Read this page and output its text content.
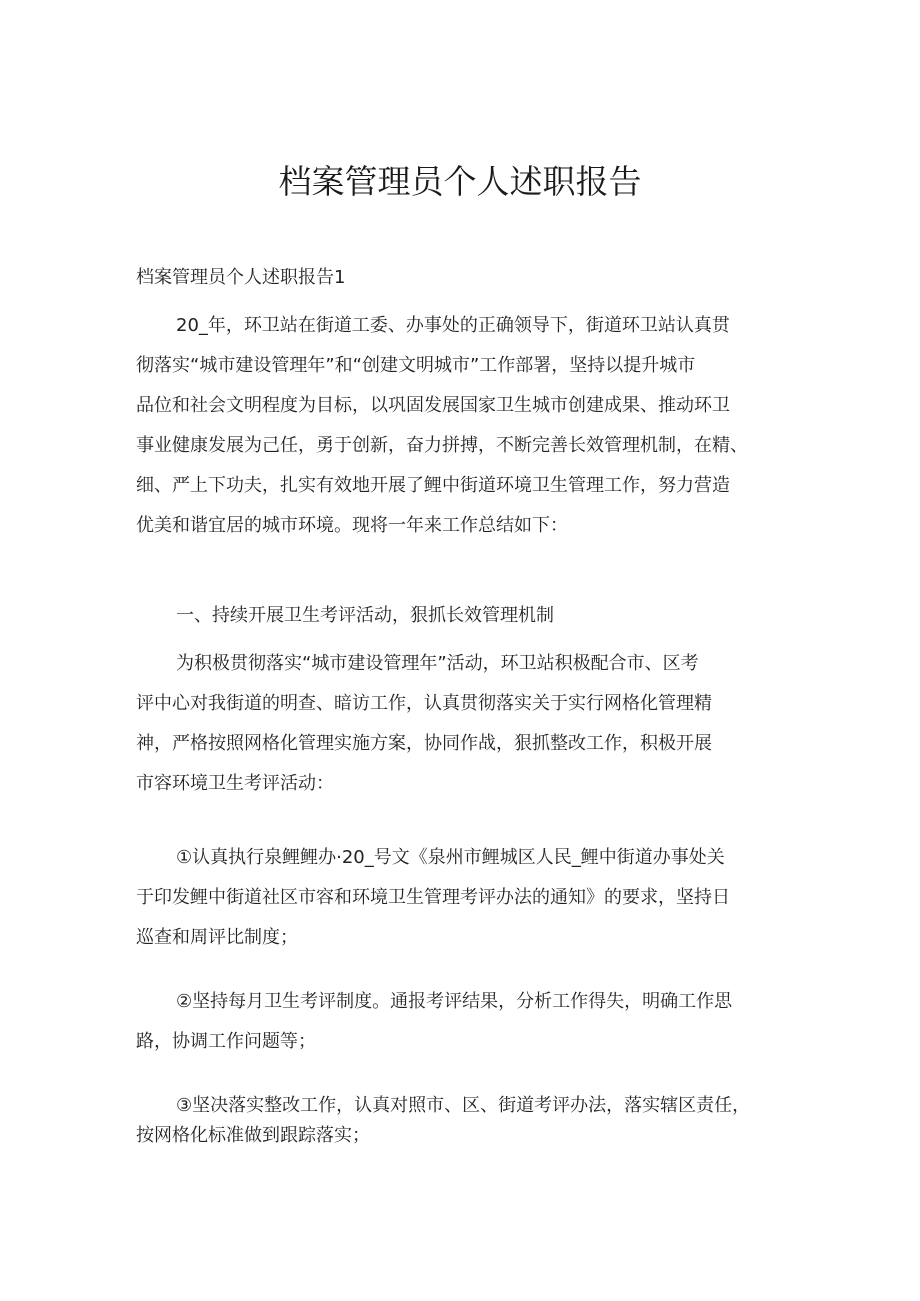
档案管理员个人述职报告
档案管理员个人述职报告1
20_年，环卫站在街道工委、办事处的正确领导下，街道环卫站认真贯
彻落实“城市建设管理年”和“创建文明城市”工作部署，坚持以提升城市
品位和社会文明程度为目标，以巩固发展国家卫生城市创建成果、推动环卫
事业健康发展为己任，勇于创新，奋力拼搏，不断完善长效管理机制，在精、
细、严上下功夫，扎实有效地开展了鲤中街道环境卫生管理工作，努力营造
优美和谐宜居的城市环境。现将一年来工作总结如下：
一、持续开展卫生考评活动，狠抓长效管理机制
为积极贯彻落实“城市建设管理年”活动，环卫站积极配合市、区考
评中心对我街道的明查、暗访工作，认真贯彻落实关于实行网格化管理精
神，严格按照网格化管理实施方案，协同作战，狠抓整改工作，积极开展
市容环境卫生考评活动：
①认真执行泉鲤鲤办·20_号文《泉州市鲤城区人民_鲤中街道办事处关
于印发鲤中街道社区市容和环境卫生管理考评办法的通知》的要求，坚持日
巡查和周评比制度；
②坚持每月卫生考评制度。通报考评结果，分析工作得失，明确工作思
路，协调工作问题等；
③坚决落实整改工作，认真对照市、区、街道考评办法，落实辖区责任，
按网格化标准做到跟踪落实；
